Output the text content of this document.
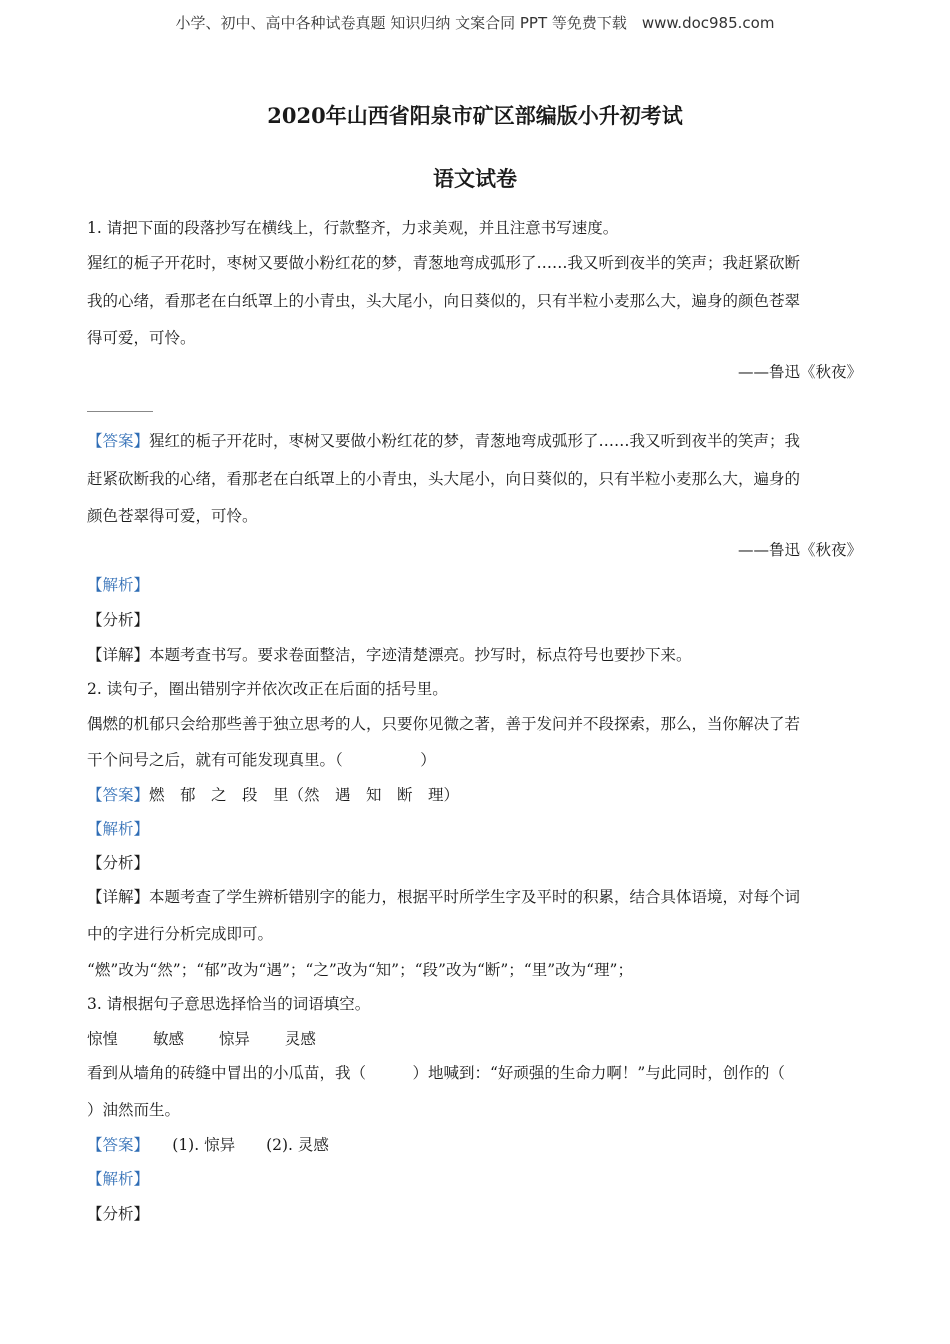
小学、初中、高中各种试卷真题 知识归纳 文案合同 PPT 等免费下载　www.doc985.com
2020年山西省阳泉市矿区部编版小升初考试
语文试卷
1. 请把下面的段落抄写在横线上，行款整齐，力求美观，并且注意书写速度。
猩红的栀子开花时，枣树又要做小粉红花的梦，青葱地弯成弧形了……我又听到夜半的笑声；我赶紧砍断
我的心绪，看那老在白纸罩上的小青虫，头大尾小，向日葵似的，只有半粒小麦那么大，遍身的颜色苍翠
得可爱，可怜。
——鲁迅《秋夜》
【答案】猩红的栀子开花时，枣树又要做小粉红花的梦，青葱地弯成弧形了……我又听到夜半的笑声；我
赶紧砍断我的心绪，看那老在白纸罩上的小青虫，头大尾小，向日葵似的，只有半粒小麦那么大，遍身的
颜色苍翠得可爱，可怜。
——鲁迅《秋夜》
【解析】
【分析】
【详解】本题考查书写。要求卷面整洁，字迹清楚漂亮。抄写时，标点符号也要抄下来。
2. 读句子，圈出错别字并依次改正在后面的括号里。
偶燃的机郁只会给那些善于独立思考的人，只要你见微之著，善于发问并不段探索，那么，当你解决了若
干个问号之后，就有可能发现真里。（　　　　　）
【答案】燃　郁　之　段　里（然　遇　知　断　理）
【解析】
【分析】
【详解】本题考查了学生辨析错别字的能力，根据平时所学生字及平时的积累，结合具体语境，对每个词
中的字进行分析完成即可。
“燃”改为“然”；“郁”改为“遇”；“之”改为“知”；“段”改为“断”；“里”改为“理”；
3. 请根据句子意思选择恰当的词语填空。
惊惶 敏感 惊异 灵感
看到从墙角的砖缝中冒出的小瓜苗，我（　　　）地喊到：“好顽强的生命力啊！”与此同时，创作的（
）油然而生。
【答案】　　(1). 惊异　　(2). 灵感
【解析】
【分析】
